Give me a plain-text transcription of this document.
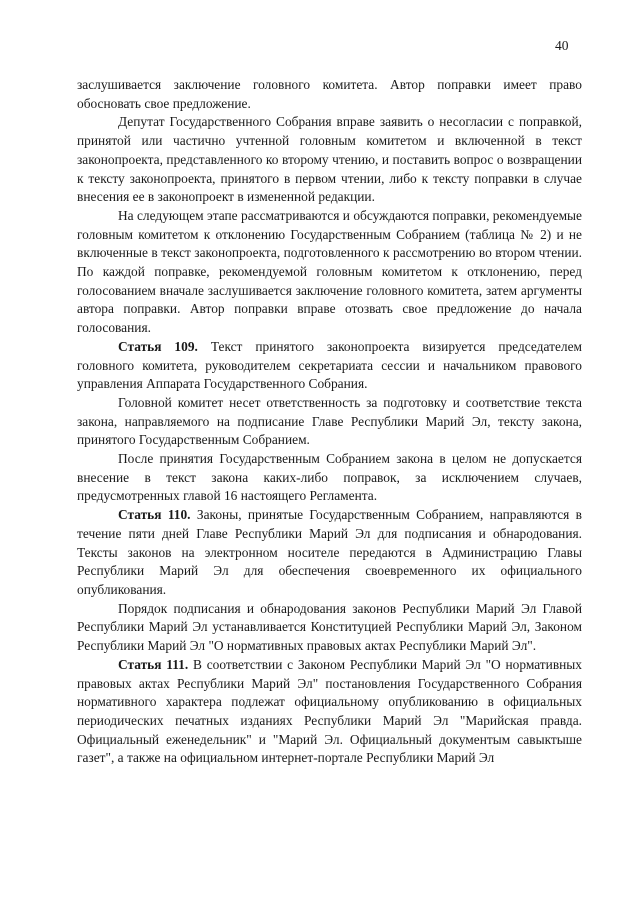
40

заслушивается заключение головного комитета. Автор поправки имеет право обосновать свое предложение.

Депутат Государственного Собрания вправе заявить о несогласии с поправкой, принятой или частично учтенной головным комитетом и включенной в текст законопроекта, представленного ко второму чтению, и поставить вопрос о возвращении к тексту законопроекта, принятого в первом чтении, либо к тексту поправки в случае внесения ее в законопроект в измененной редакции.

На следующем этапе рассматриваются и обсуждаются поправки, рекомендуемые головным комитетом к отклонению Государственным Собранием (таблица № 2) и не включенные в текст законопроекта, подготовленного к рассмотрению во втором чтении. По каждой поправке, рекомендуемой головным комитетом к отклонению, перед голосованием вначале заслушивается заключение головного комитета, затем аргументы автора поправки. Автор поправки вправе отозвать свое предложение до начала голосования.

Статья 109. Текст принятого законопроекта визируется председателем головного комитета, руководителем секретариата сессии и начальником правового управления Аппарата Государственного Собрания.

Головной комитет несет ответственность за подготовку и соответствие текста закона, направляемого на подписание Главе Республики Марий Эл, тексту закона, принятого Государственным Собранием.

После принятия Государственным Собранием закона в целом не допускается внесение в текст закона каких-либо поправок, за исключением случаев, предусмотренных главой 16 настоящего Регламента.

Статья 110. Законы, принятые Государственным Собранием, направляются в течение пяти дней Главе Республики Марий Эл для подписания и обнародования. Тексты законов на электронном носителе передаются в Администрацию Главы Республики Марий Эл для обеспечения своевременного их официального опубликования.

Порядок подписания и обнародования законов Республики Марий Эл Главой Республики Марий Эл устанавливается Конституцией Республики Марий Эл, Законом Республики Марий Эл "О нормативных правовых актах Республики Марий Эл".

Статья 111. В соответствии с Законом Республики Марий Эл "О нормативных правовых актах Республики Марий Эл" постановления Государственного Собрания нормативного характера подлежат официальному опубликованию в официальных периодических печатных изданиях Республики Марий Эл "Марийская правда. Официальный еженедельник" и "Марий Эл. Официальный документым савыктыше газет", а также на официальном интернет-портале Республики Марий Эл
